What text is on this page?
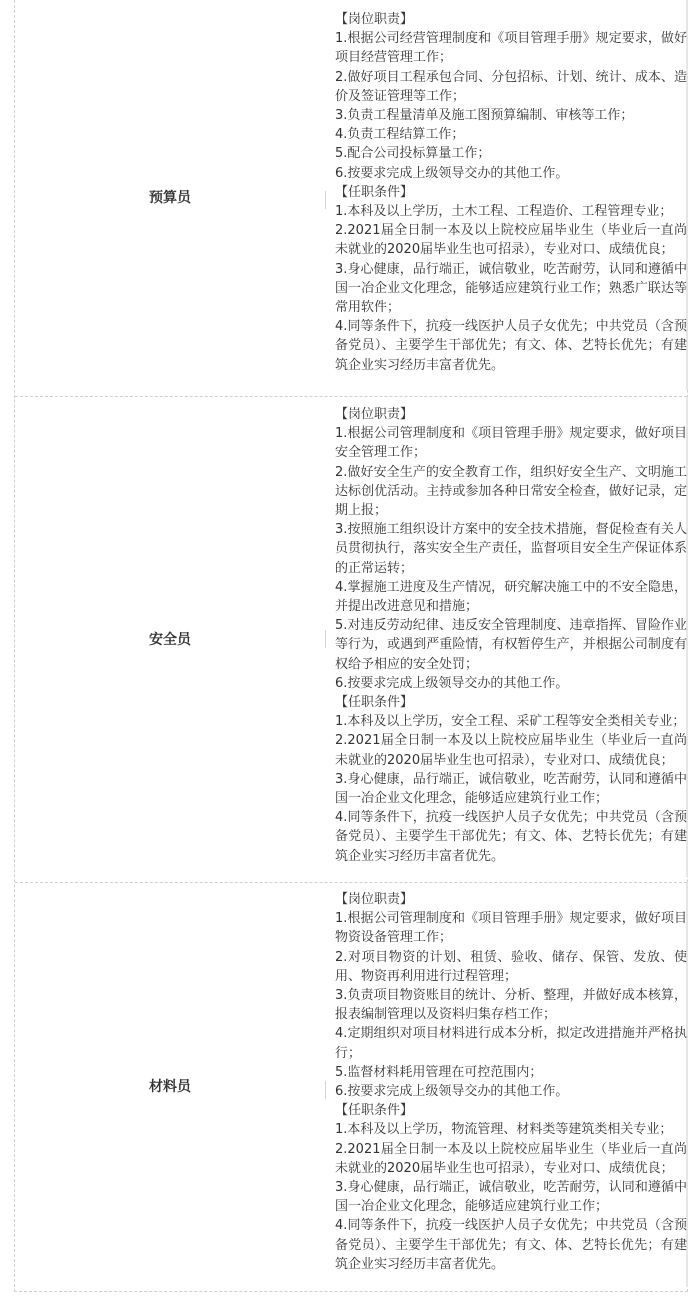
预算员
【岗位职责】
1.根据公司经营管理制度和《项目管理手册》规定要求，做好项目经营管理工作；
2.做好项目工程承包合同、分包招标、计划、统计、成本、造价及签证管理等工作；
3.负责工程量清单及施工图预算编制、审核等工作；
4.负责工程结算工作；
5.配合公司投标算量工作；
6.按要求完成上级领导交办的其他工作。
【任职条件】
1.本科及以上学历，土木工程、工程造价、工程管理专业；
2.2021届全日制一本及以上院校应届毕业生（毕业后一直尚未就业的2020届毕业生也可招录），专业对口、成绩优良；
3.身心健康，品行端正，诚信敬业，吃苦耐劳，认同和遵循中国一冶企业文化理念，能够适应建筑行业工作；熟悉广联达等常用软件；
4.同等条件下，抗疫一线医护人员子女优先；中共党员（含预备党员）、主要学生干部优先；有文、体、艺特长优先；有建筑企业实习经历丰富者优先。
安全员
【岗位职责】
1.根据公司管理制度和《项目管理手册》规定要求，做好项目安全管理工作；
2.做好安全生产的安全教育工作，组织好安全生产、文明施工达标创优活动。主持或参加各种日常安全检查，做好记录，定期上报；
3.按照施工组织设计方案中的安全技术措施，督促检查有关人员贯彻执行，落实安全生产责任，监督项目安全生产保证体系的正常运转；
4.掌握施工进度及生产情况，研究解决施工中的不安全隐患，并提出改进意见和措施；
5.对违反劳动纪律、违反安全管理制度、违章指挥、冒险作业等行为，或遇到严重险情，有权暂停生产，并根据公司制度有权给予相应的安全处罚；
6.按要求完成上级领导交办的其他工作。
【任职条件】
1.本科及以上学历，安全工程、采矿工程等安全类相关专业；
2.2021届全日制一本及以上院校应届毕业生（毕业后一直尚未就业的2020届毕业生也可招录），专业对口、成绩优良；
3.身心健康，品行端正，诚信敬业，吃苦耐劳，认同和遵循中国一冶企业文化理念，能够适应建筑行业工作；
4.同等条件下，抗疫一线医护人员子女优先；中共党员（含预备党员）、主要学生干部优先；有文、体、艺特长优先；有建筑企业实习经历丰富者优先。
材料员
【岗位职责】
1.根据公司管理制度和《项目管理手册》规定要求，做好项目物资设备管理工作；
2.对项目物资的计划、租赁、验收、储存、保管、发放、使用、物资再利用进行过程管理；
3.负责项目物资账目的统计、分析、整理，并做好成本核算，报表编制管理以及资料归集存档工作；
4.定期组织对项目材料进行成本分析，拟定改进措施并严格执行；
5.监督材料耗用管理在可控范围内；
6.按要求完成上级领导交办的其他工作。
【任职条件】
1.本科及以上学历，物流管理、材料类等建筑类相关专业；
2.2021届全日制一本及以上院校应届毕业生（毕业后一直尚未就业的2020届毕业生也可招录），专业对口、成绩优良；
3.身心健康，品行端正，诚信敬业，吃苦耐劳，认同和遵循中国一冶企业文化理念，能够适应建筑行业工作；
4.同等条件下，抗疫一线医护人员子女优先；中共党员（含预备党员）、主要学生干部优先；有文、体、艺特长优先；有建筑企业实习经历丰富者优先。
